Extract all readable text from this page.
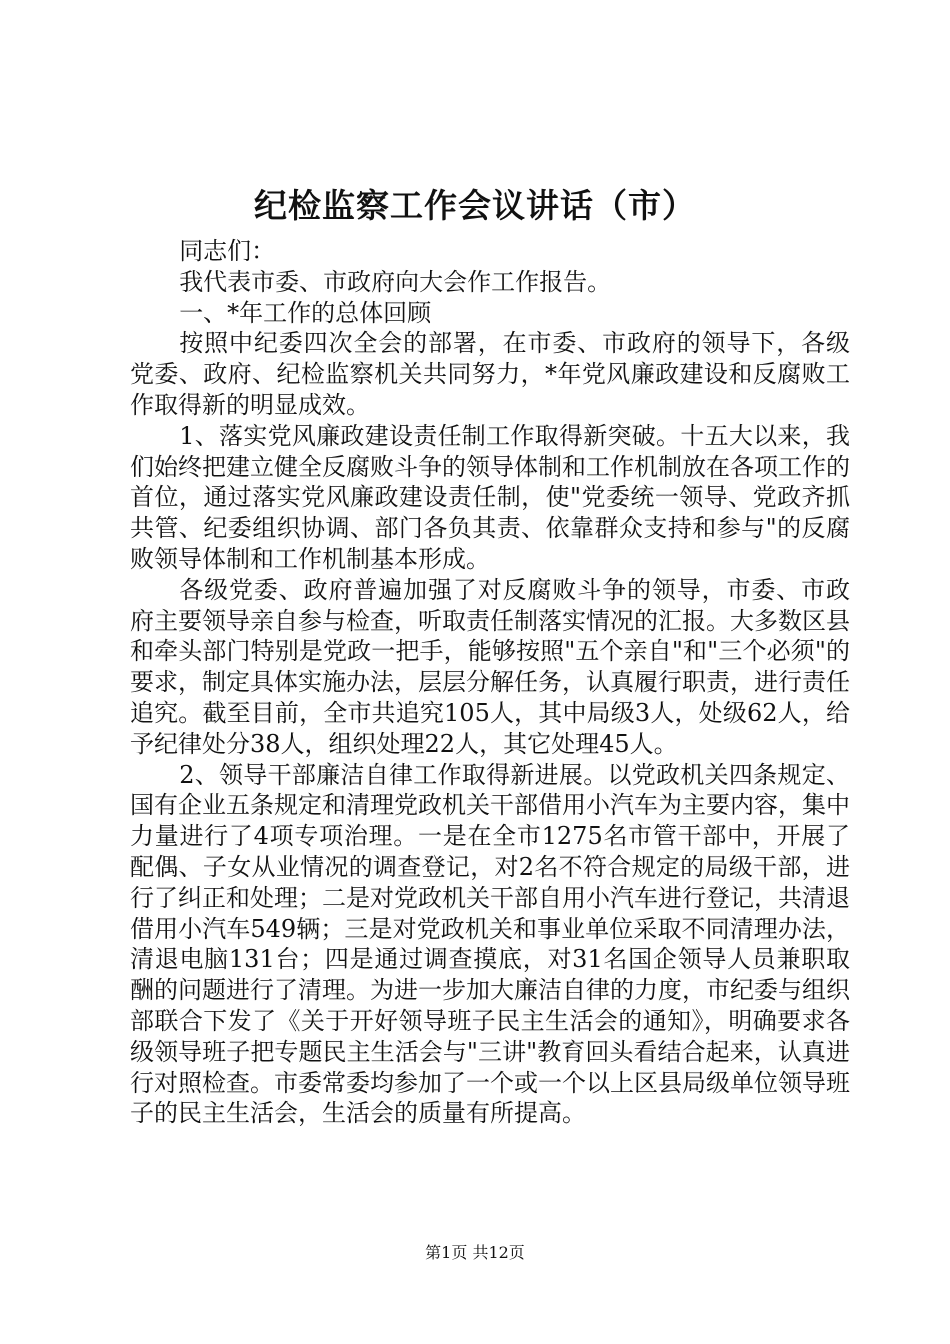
纪检监察工作会议讲话（市）

同志们：

我代表市委、市政府向大会作工作报告。

一、*年工作的总体回顾

按照中纪委四次全会的部署，在市委、市政府的领导下，各级党委、政府、纪检监察机关共同努力，*年党风廉政建设和反腐败工作取得新的明显成效。

1、落实党风廉政建设责任制工作取得新突破。十五大以来，我们始终把建立健全反腐败斗争的领导体制和工作机制放在各项工作的首位，通过落实党风廉政建设责任制，使"党委统一领导、党政齐抓共管、纪委组织协调、部门各负其责、依靠群众支持和参与"的反腐败领导体制和工作机制基本形成。

各级党委、政府普遍加强了对反腐败斗争的领导，市委、市政府主要领导亲自参与检查，听取责任制落实情况的汇报。大多数区县和牵头部门特别是党政一把手，能够按照"五个亲自"和"三个必须"的要求，制定具体实施办法，层层分解任务，认真履行职责，进行责任追究。截至目前，全市共追究105人，其中局级3人，处级62人，给予纪律处分38人，组织处理22人，其它处理45人。

2、领导干部廉洁自律工作取得新进展。以党政机关四条规定、国有企业五条规定和清理党政机关干部借用小汽车为主要内容，集中力量进行了4项专项治理。一是在全市1275名市管干部中，开展了配偶、子女从业情况的调查登记，对2名不符合规定的局级干部，进行了纠正和处理；二是对党政机关干部自用小汽车进行登记，共清退借用小汽车549辆；三是对党政机关和事业单位采取不同清理办法，清退电脑131台；四是通过调查摸底，对31名国企领导人员兼职取酬的问题进行了清理。为进一步加大廉洁自律的力度，市纪委与组织部联合下发了《关于开好领导班子民主生活会的通知》，明确要求各级领导班子把专题民主生活会与"三讲"教育回头看结合起来，认真进行对照检查。市委常委均参加了一个或一个以上区县局级单位领导班子的民主生活会，生活会的质量有所提高。

第1页 共12页
